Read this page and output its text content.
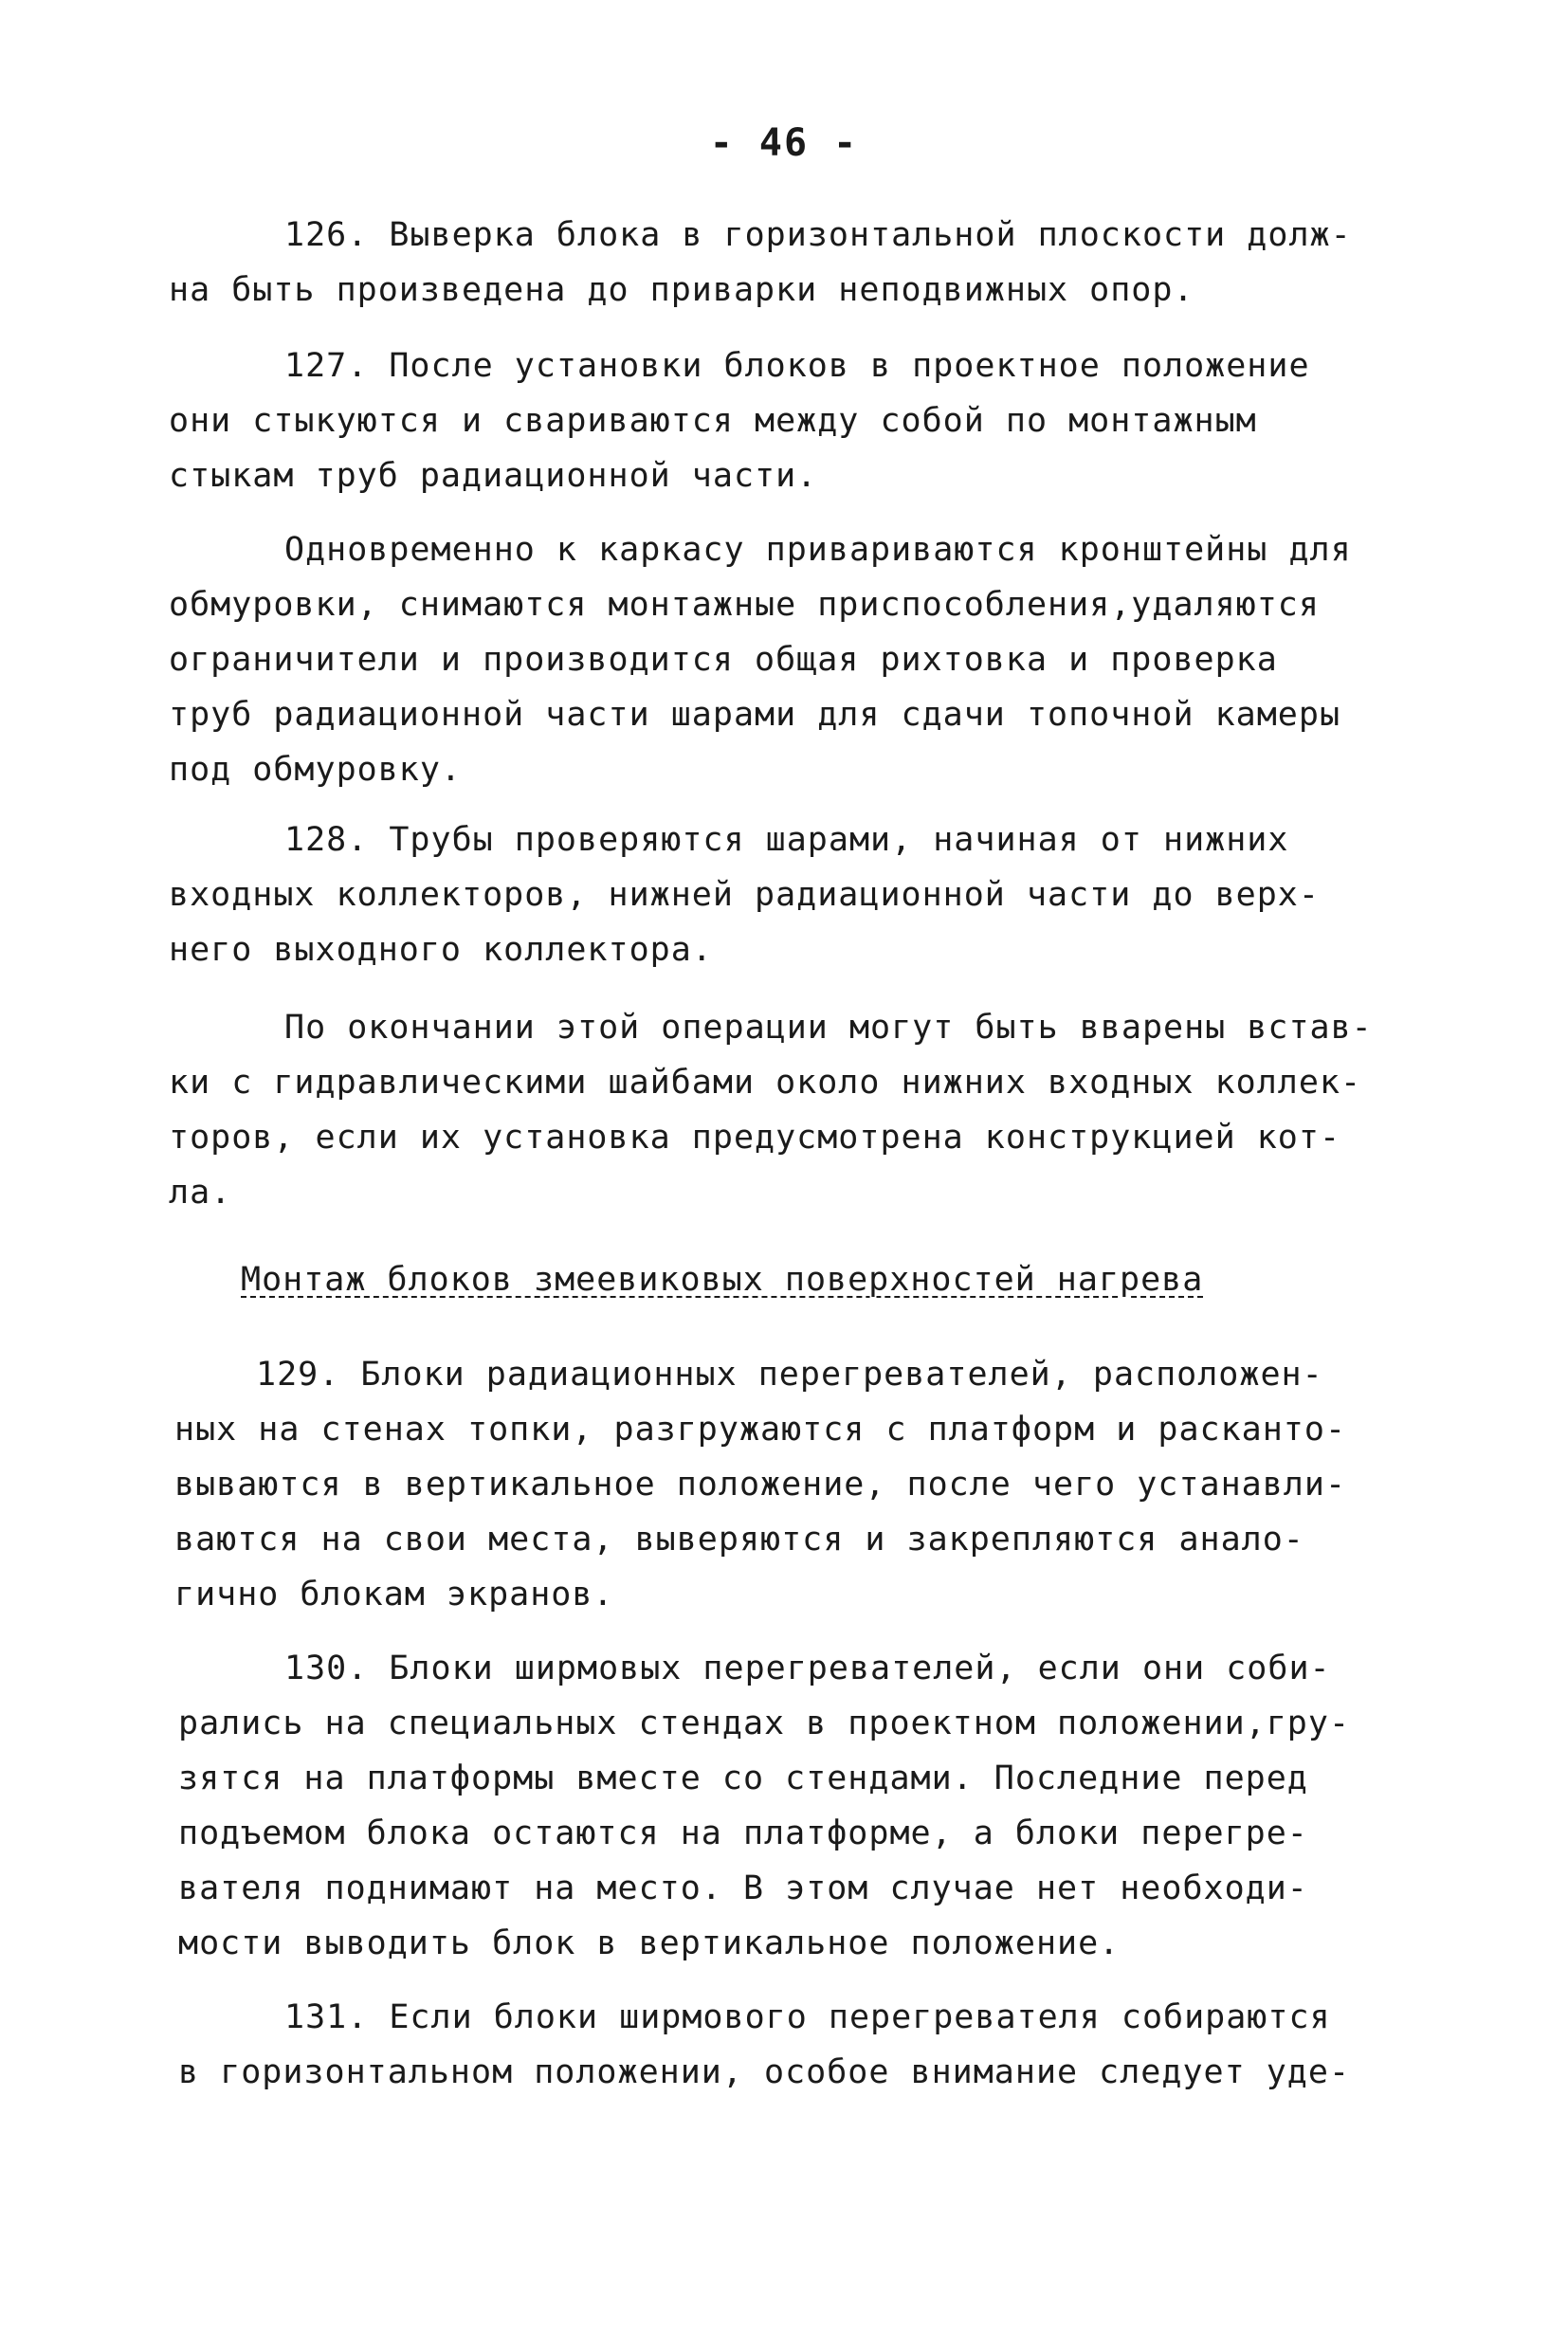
- 46 -
126. Выверка блока в горизонтальной плоскости долж-
на быть произведена до приварки неподвижных опор.
127. После установки блоков в проектное положение
они стыкуются и свариваются между собой по монтажным
стыкам труб радиационной части.
Одновременно к каркасу привариваются кронштейны для
обмуровки, снимаются монтажные приспособления,удаляются
ограничители и производится общая рихтовка и проверка
труб радиационной части шарами для сдачи топочной камеры
под обмуровку.
128. Трубы проверяются шарами, начиная от нижних
входных коллекторов, нижней радиационной части до верх-
него выходного коллектора.
По окончании этой операции могут быть вварены встав-
ки с гидравлическими шайбами около нижних входных коллек-
торов, если их установка предусмотрена конструкцией кот-
ла.
Монтаж блоков змеевиковых поверхностей нагрева
129. Блоки радиационных перегревателей, расположен-
ных на стенах топки, разгружаются с платформ и расканто-
вываются в вертикальное положение, после чего устанавли-
ваются на свои места, выверяются и закрепляются анало-
гично блокам экранов.
130. Блоки ширмовых перегревателей, если они соби-
рались на специальных стендах в проектном положении,гру-
зятся на платформы вместе со стендами. Последние перед
подъемом блока остаются на платформе, а блоки перегре-
вателя поднимают на место. В этом случае нет необходи-
мости выводить блок в вертикальное положение.
131. Если блоки ширмового перегревателя собираются
в горизонтальном положении, особое внимание следует уде-
